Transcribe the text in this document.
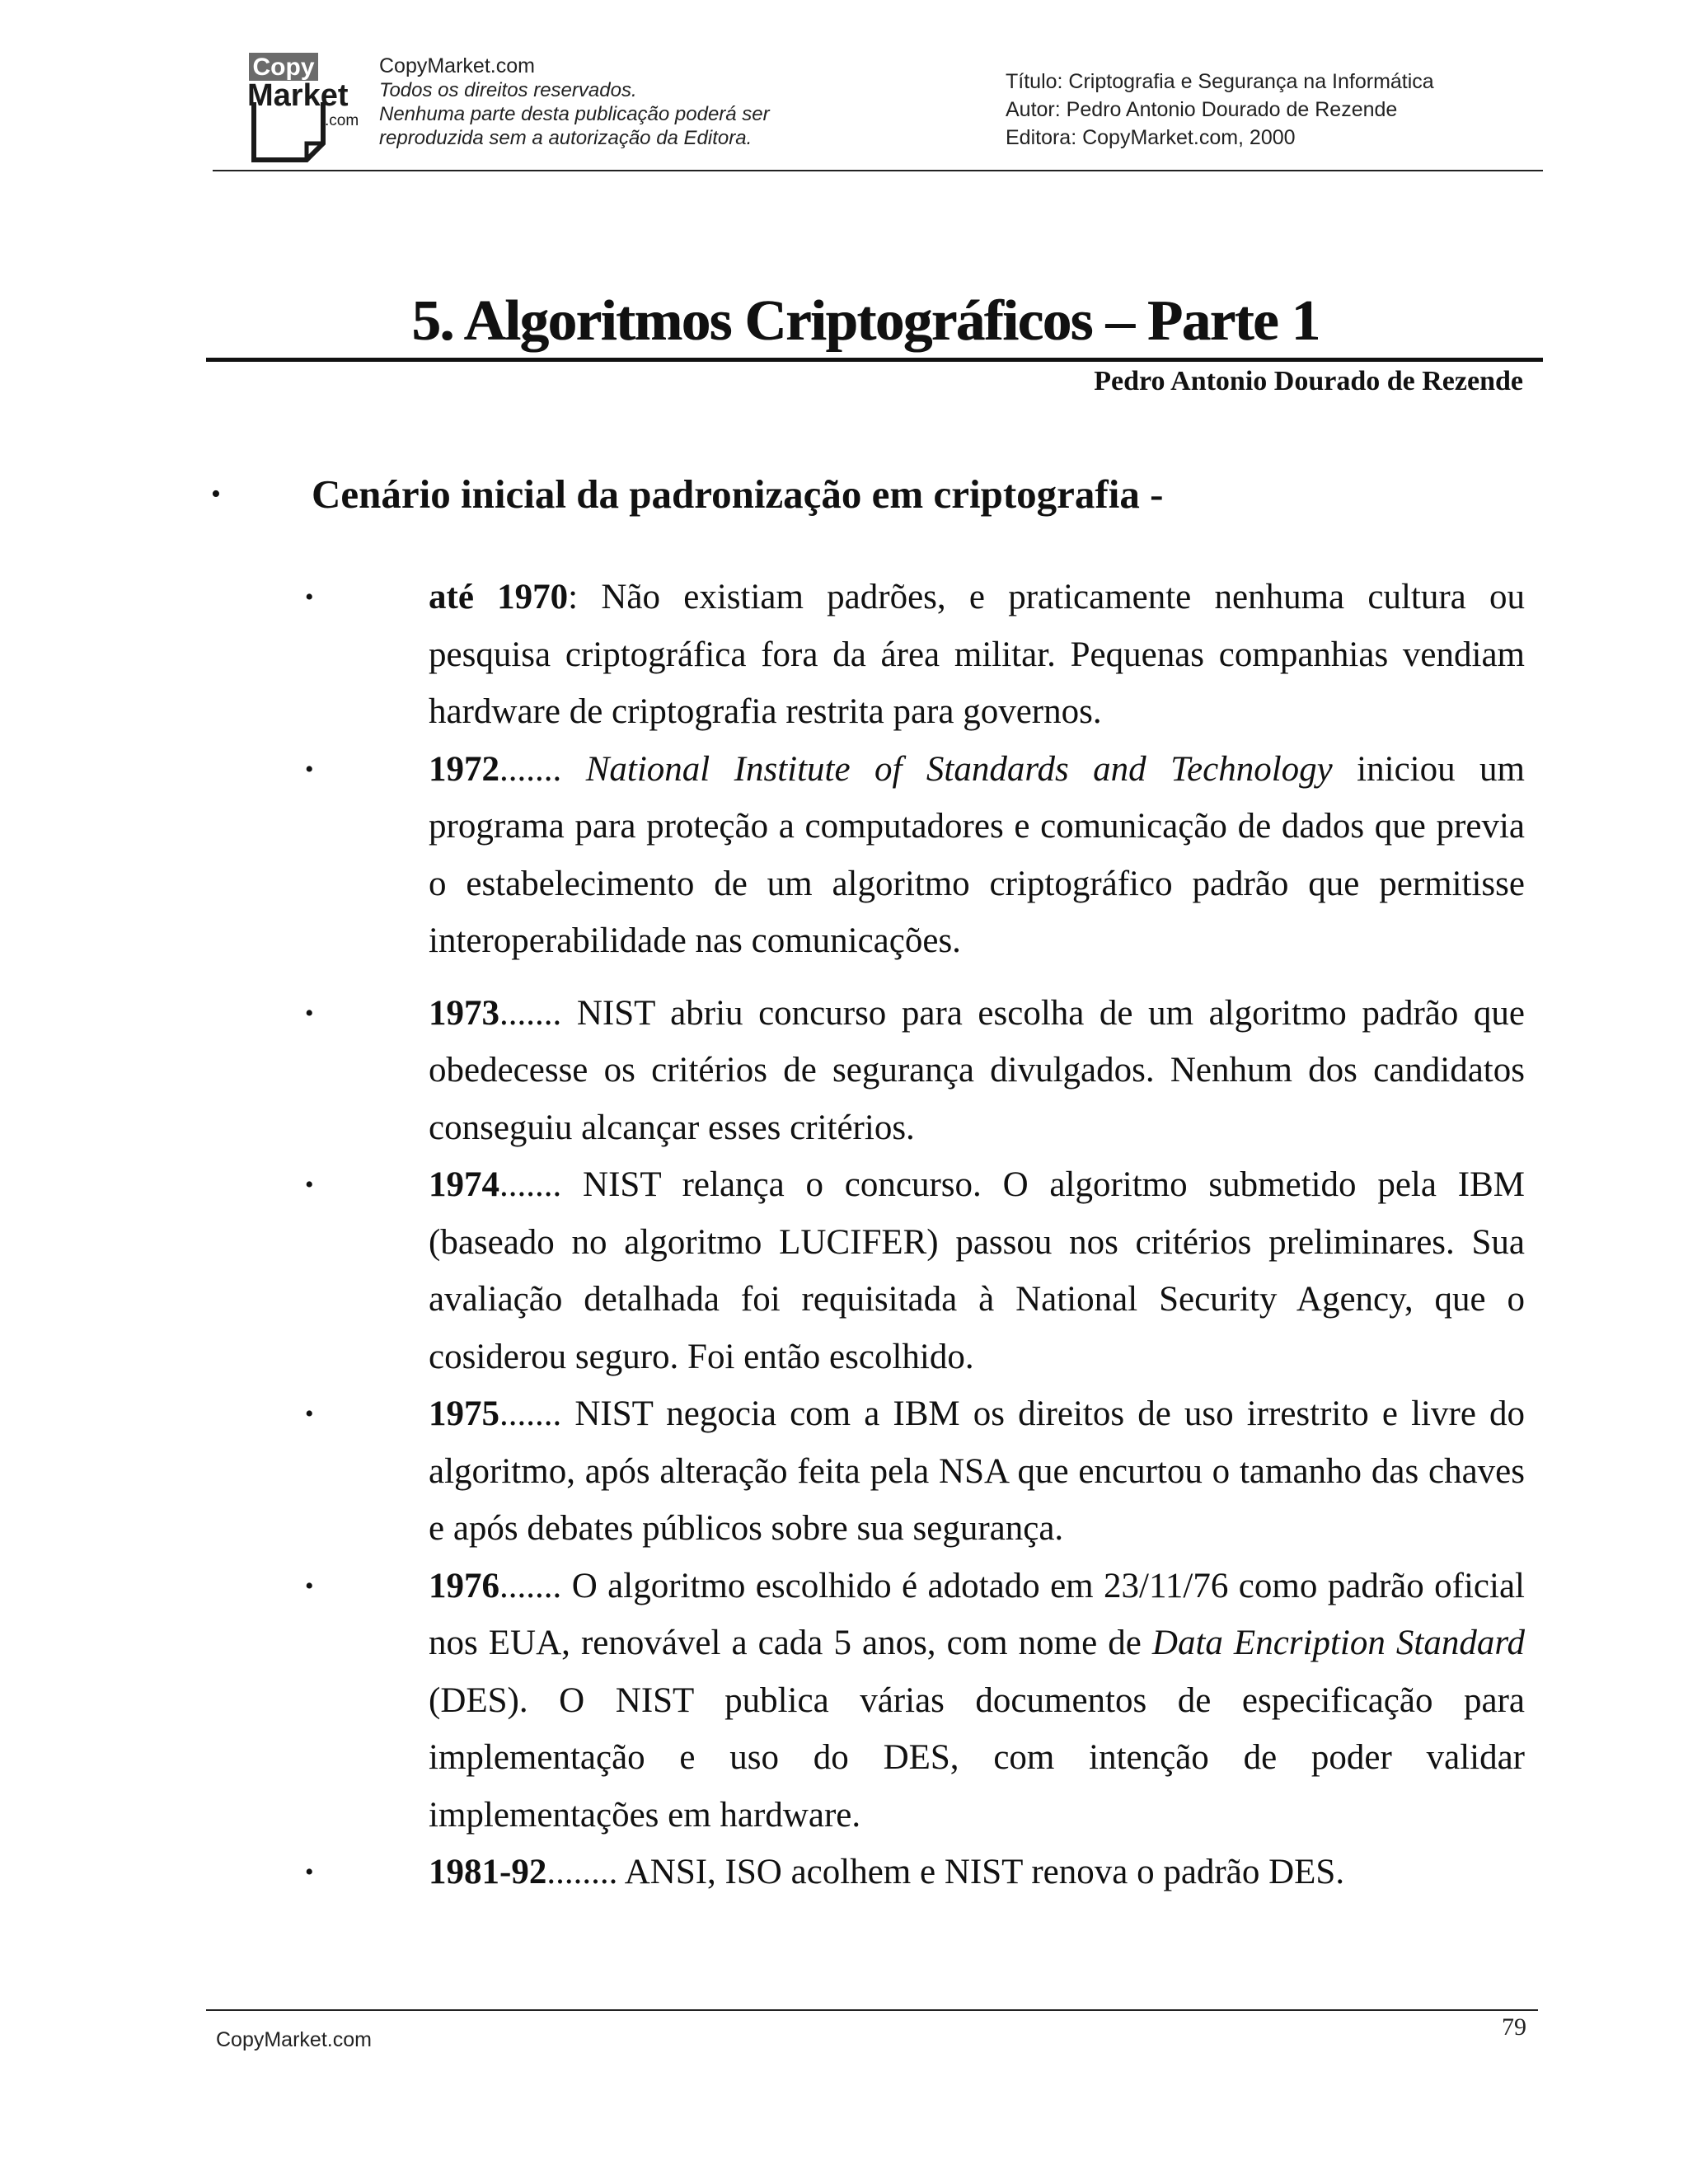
Copy
Market
.com
CopyMarket.com
Todos os direitos reservados.
Nenhuma parte desta publicação poderá ser
reproduzida sem a autorização da Editora.
Título: Criptografia e Segurança na Informática
Autor: Pedro Antonio Dourado de Rezende
Editora: CopyMarket.com, 2000
5. Algoritmos Criptográficos – Parte 1
Pedro Antonio Dourado de Rezende
• Cenário inicial da padronização em criptografia -
•	até 1970: Não existiam padrões, e praticamente nenhuma cultura ou pesquisa criptográfica fora da área militar. Pequenas companhias vendiam hardware de criptografia restrita para governos.
•	1972....... National Institute of Standards and Technology iniciou um programa para proteção a computadores e comunicação de dados que previa o estabelecimento de um algoritmo criptográfico padrão que permitisse interoperabilidade nas comunicações.
•	1973....... NIST abriu concurso para escolha de um algoritmo padrão que obedecesse os critérios de segurança divulgados. Nenhum dos candidatos conseguiu alcançar esses critérios.
•	1974....... NIST relança o concurso. O algoritmo submetido pela IBM (baseado no algoritmo LUCIFER) passou nos critérios preliminares. Sua avaliação detalhada foi requisitada à National Security Agency, que o cosiderou seguro. Foi então escolhido.
•	1975....... NIST negocia com a IBM os direitos de uso irrestrito e livre do algoritmo, após alteração feita pela NSA que encurtou o tamanho das chaves e após debates públicos sobre sua segurança.
•	1976....... O algoritmo escolhido é adotado em 23/11/76 como padrão oficial nos EUA, renovável a cada 5 anos, com nome de Data Encription Standard (DES). O NIST publica várias documentos de especificação para implementação e uso do DES, com intenção de poder validar implementações em hardware.
•	1981-92........ ANSI, ISO acolhem e NIST renova o padrão DES.
79
CopyMarket.com
